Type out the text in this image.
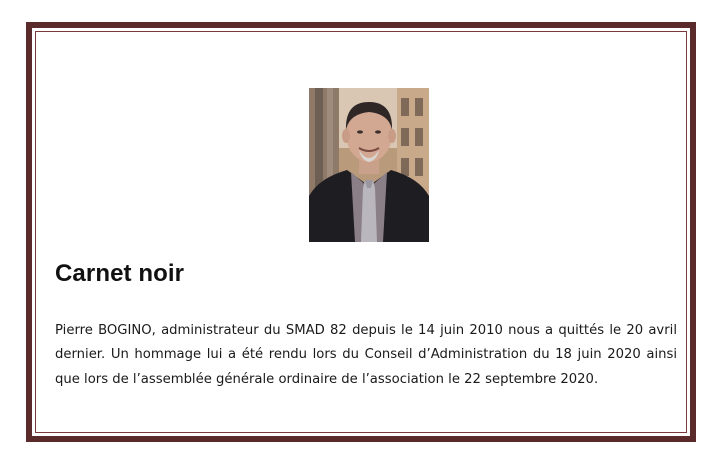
Carnet noir

Pierre BOGINO, administrateur du SMAD 82 depuis le 14 juin 2010 nous a quittés le 20 avril dernier. Un hommage lui a été rendu lors du Conseil d’Administration du 18 juin 2020 ainsi que lors de l’assemblée générale ordinaire de l’association le 22 septembre 2020.
